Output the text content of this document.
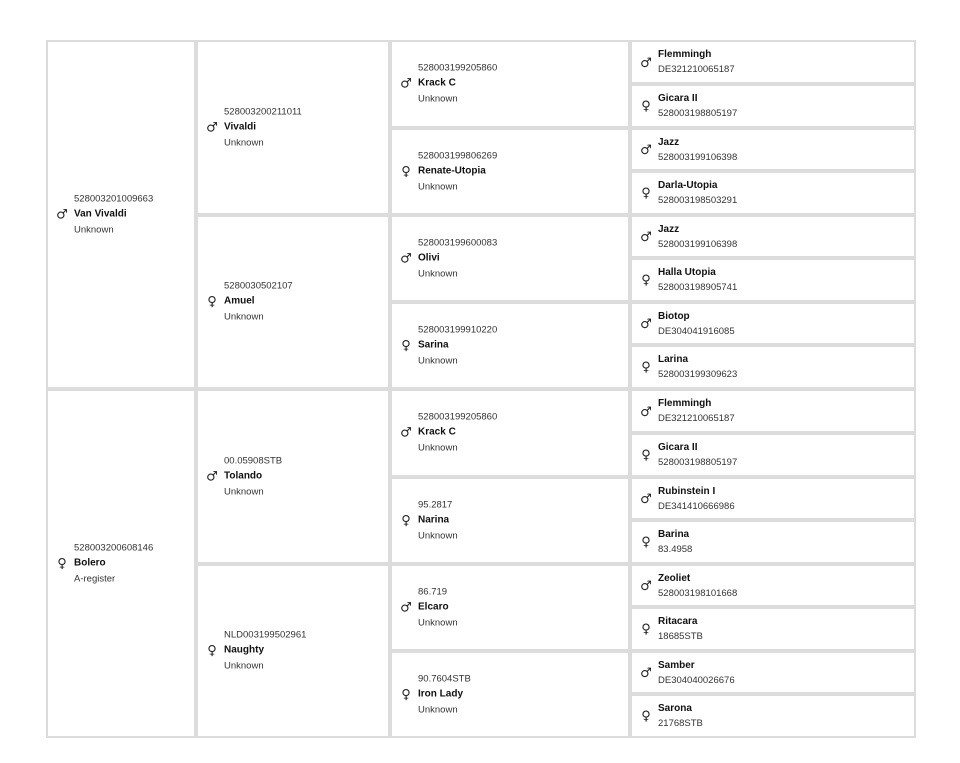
♂
528003201009663
Van Vivaldi
Unknown
♀
528003200608146
Bolero
A-register
♂
528003200211011
Vivaldi
Unknown
♀
5280030502107
Amuel
Unknown
♂
00.05908STB
Tolando
Unknown
♀
NLD003199502961
Naughty
Unknown
♂
528003199205860
Krack C
Unknown
♀
528003199806269
Renate-Utopia
Unknown
♂
528003199600083
Olivi
Unknown
♀
528003199910220
Sarina
Unknown
♂
528003199205860
Krack C
Unknown
♀
95.2817
Narina
Unknown
♂
86.719
Elcaro
Unknown
♀
90.7604STB
Iron Lady
Unknown
♂
Flemmingh
DE321210065187
♀ Gicara II
528003198805197
♂
Jazz
528003199106398
♀ Darla-Utopia
528003198503291
♂
Jazz
528003199106398
♀ Halla Utopia
528003198905741
♂
Biotop
DE304041916085
♀ Larina
528003199309623
♂
Flemmingh
DE321210065187
♀ Gicara II
528003198805197
♂
Rubinstein I
DE341410666986
♀ Barina
83.4958
♂
Zeoliet
528003198101668
♀ Ritacara
18685STB
♂
Samber
DE304040026676
♀ Sarona
21768STB
